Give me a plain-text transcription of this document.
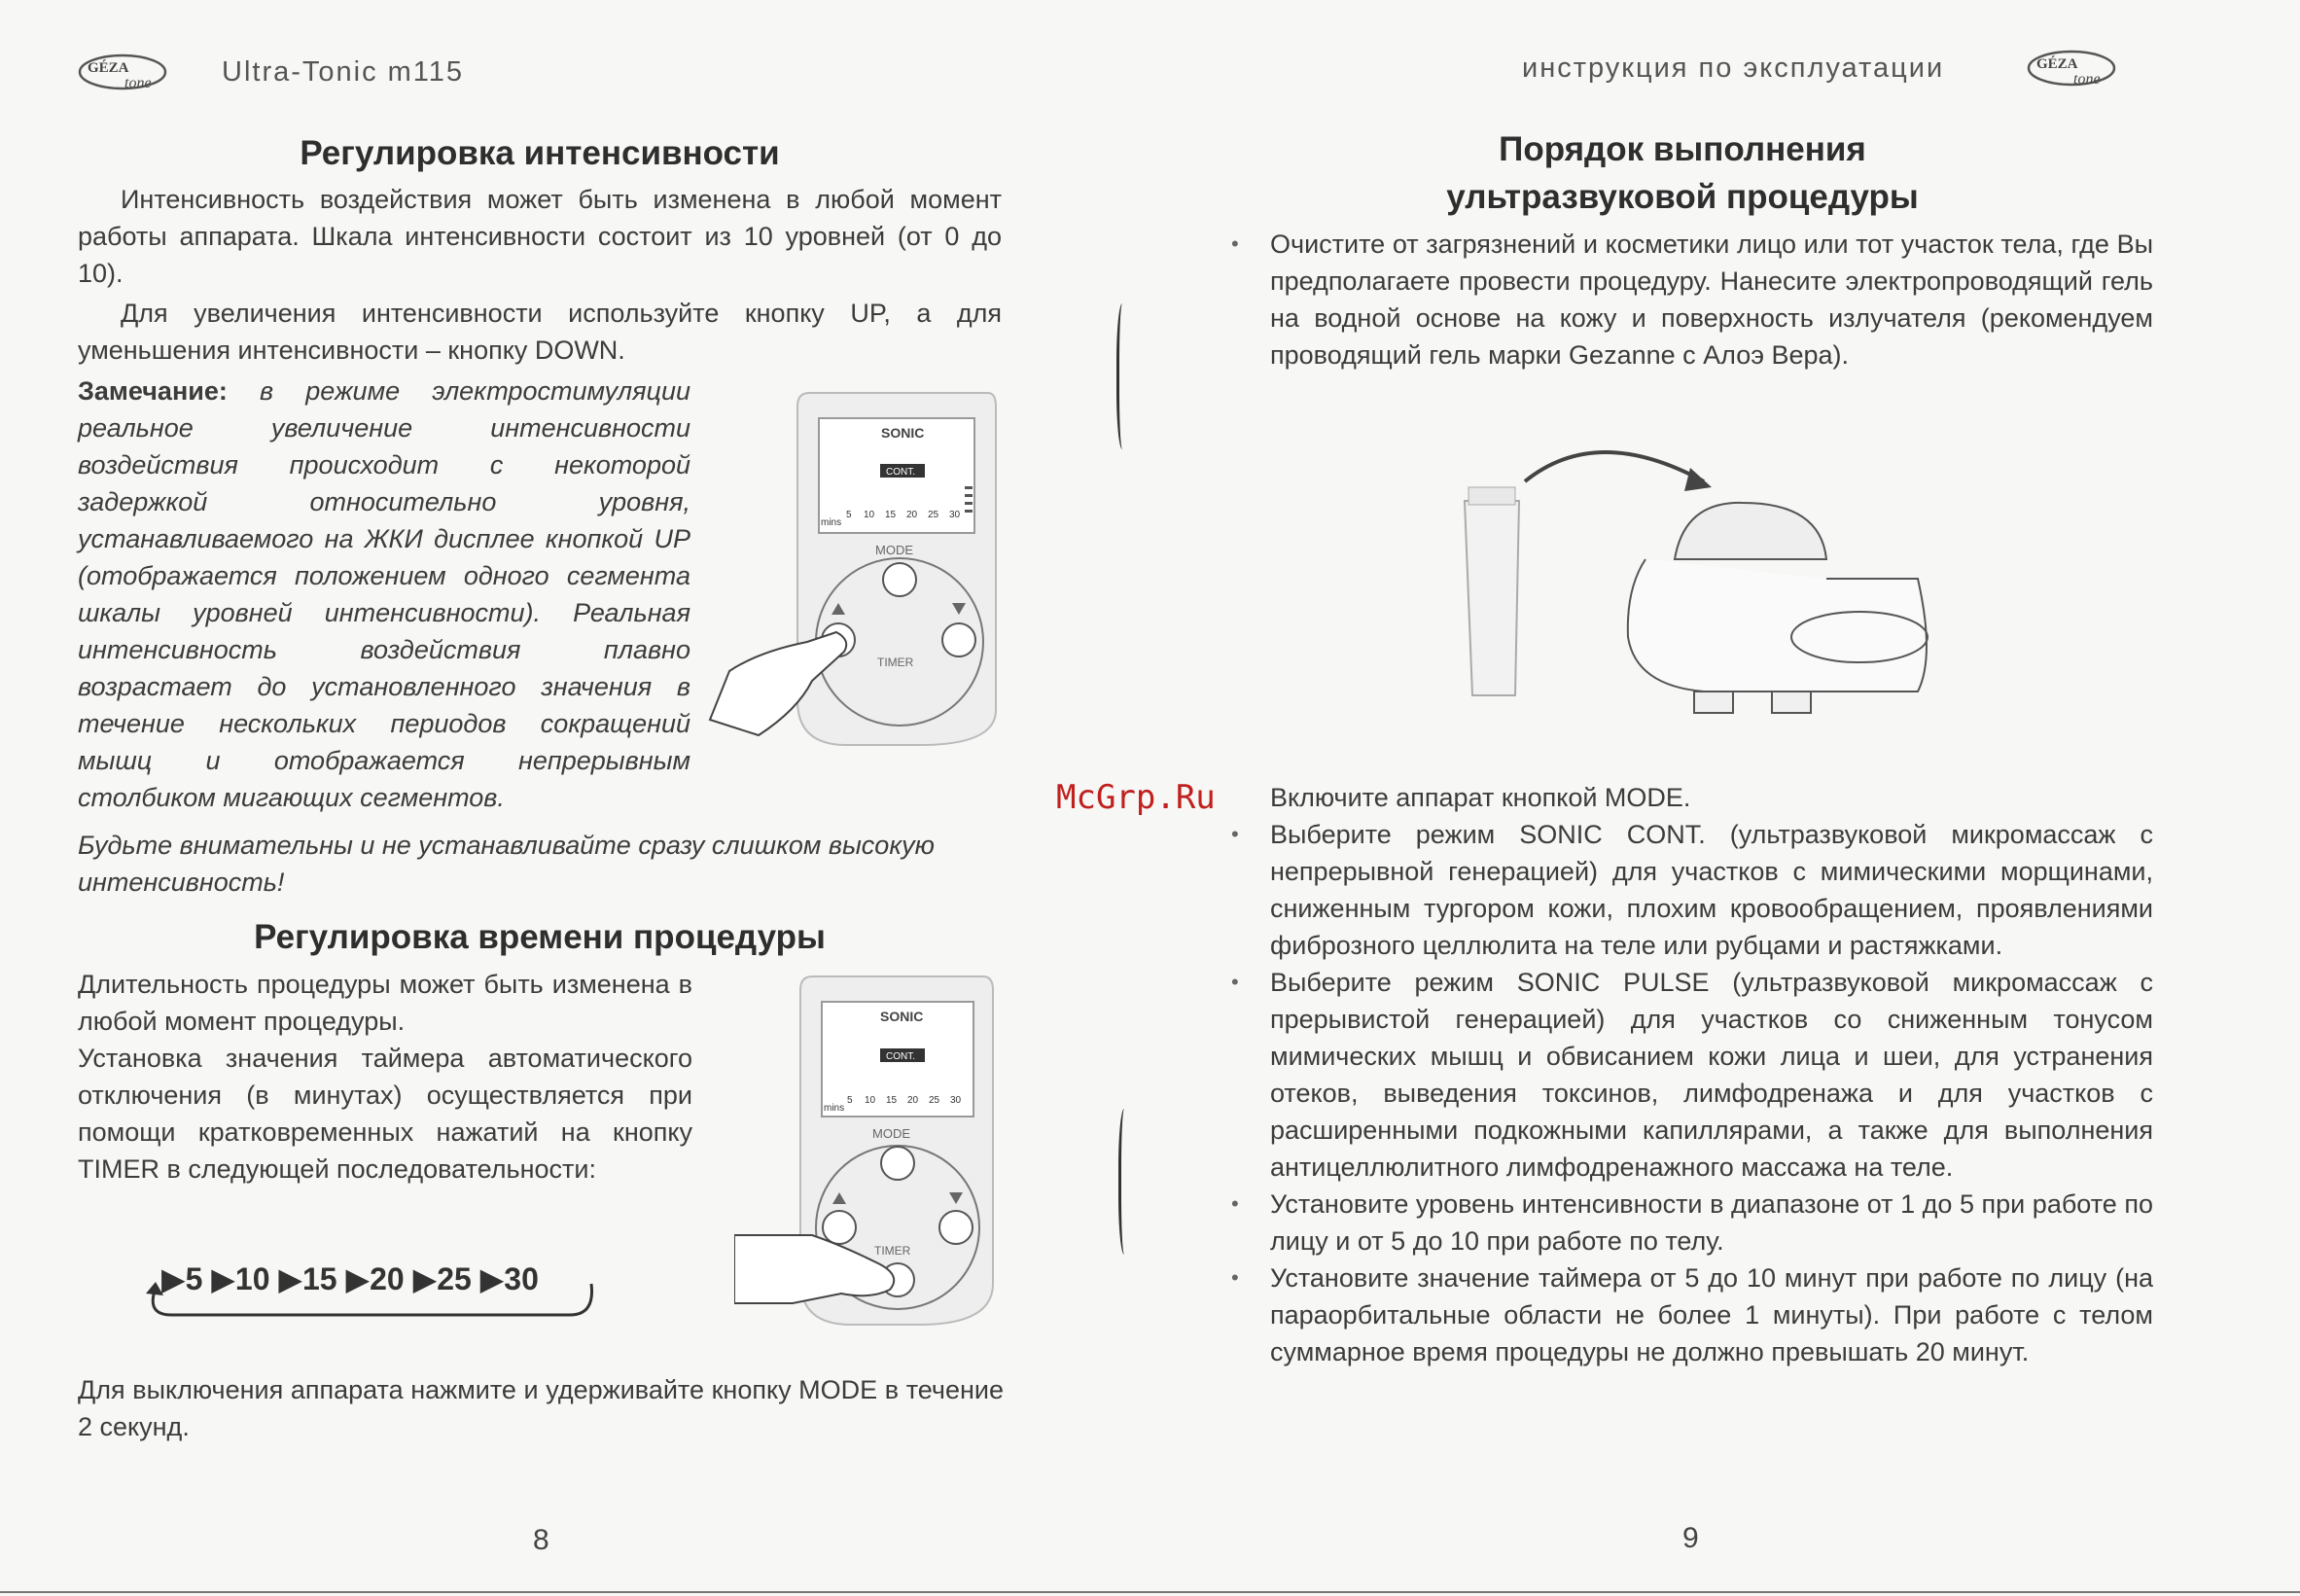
GÉZA
tone Ultra-Tonic m115	инструкция по эксплуатации	GÉZA
tone
Регулировка интенсивности

Интенсивность воздействия может быть изменена в любой момент работы аппарата. Шкала интенсивности состоит из 10 уровней (от 0 до 10).

Для увеличения интенсивности используйте кнопку UP, а для уменьшения интенсивности – кнопку DOWN.

Замечание: в режиме электростимуляции реальное увеличение интенсивности воздействия происходит с некоторой задержкой относительно уровня, устанавливаемого на ЖКИ дисплее кнопкой UP (отображается положением одного сегмента шкалы уровней интенсивности). Реальная интенсивность воздействия плавно возрастает до установленного значения в течение нескольких периодов сокращений мышц и отображается непрерывным столбиком мигающих сегментов.

Будьте внимательны и не устанавливайте сразу слишком высокую интенсивность!

SONIC
CONT.
mins
5 10 15 20 25 30
MODE
TIMER
Регулировка времени процедуры

Длительность процедуры может быть изменена в любой момент процедуры.

Установка значения таймера автоматического отключения (в минутах) осуществляется при помощи кратковременных нажатий на кнопку TIMER в следующей последовательности:

▶5 ▶10 ▶15 ▶20 ▶25 ▶30
SONIC
CONT.
mins
5 10 15 20 25 30
MODE
TIMER

Для выключения аппарата нажмите и удерживайте кнопку MODE в течение 2 секунд.

8
Порядок выполнения
ультразвуковой процедуры
• Очистите от загрязнений и косметики лицо или тот участок тела, где Вы предполагаете провести процедуру. Нанесите электропроводящий гель на водной основе на кожу и поверхность излучателя (рекомендуем проводящий гель марки Gezanne с Алоэ Вера).
McGrp.Ru Включите аппарат кнопкой MODE.

• Выберите режим SONIC CONT. (ультразвуковой микромассаж с непрерывной генерацией) для участков с мимическими морщинами, сниженным тургором кожи, плохим кровообращением, проявлениями фиброзного целлюлита на теле или рубцами и растяжками.
• Выберите режим SONIC PULSE (ультразвуковой микромассаж с прерывистой генерацией) для участков со сниженным тонусом мимических мышц и обвисанием кожи лица и шеи, для устранения отеков, выведения токсинов, лимфодренажа и для участков с расширенными подкожными капиллярами, а также для выполнения антицеллюлитного лимфодренажного массажа на теле.
• Установите уровень интенсивности в диапазоне от 1 до 5 при работе по лицу и от 5 до 10 при работе по телу.
• Установите значение таймера от 5 до 10 минут при работе по лицу (на параорбитальные области не более 1 минуты). При работе с телом суммарное время процедуры не должно превышать 20 минут.
9
